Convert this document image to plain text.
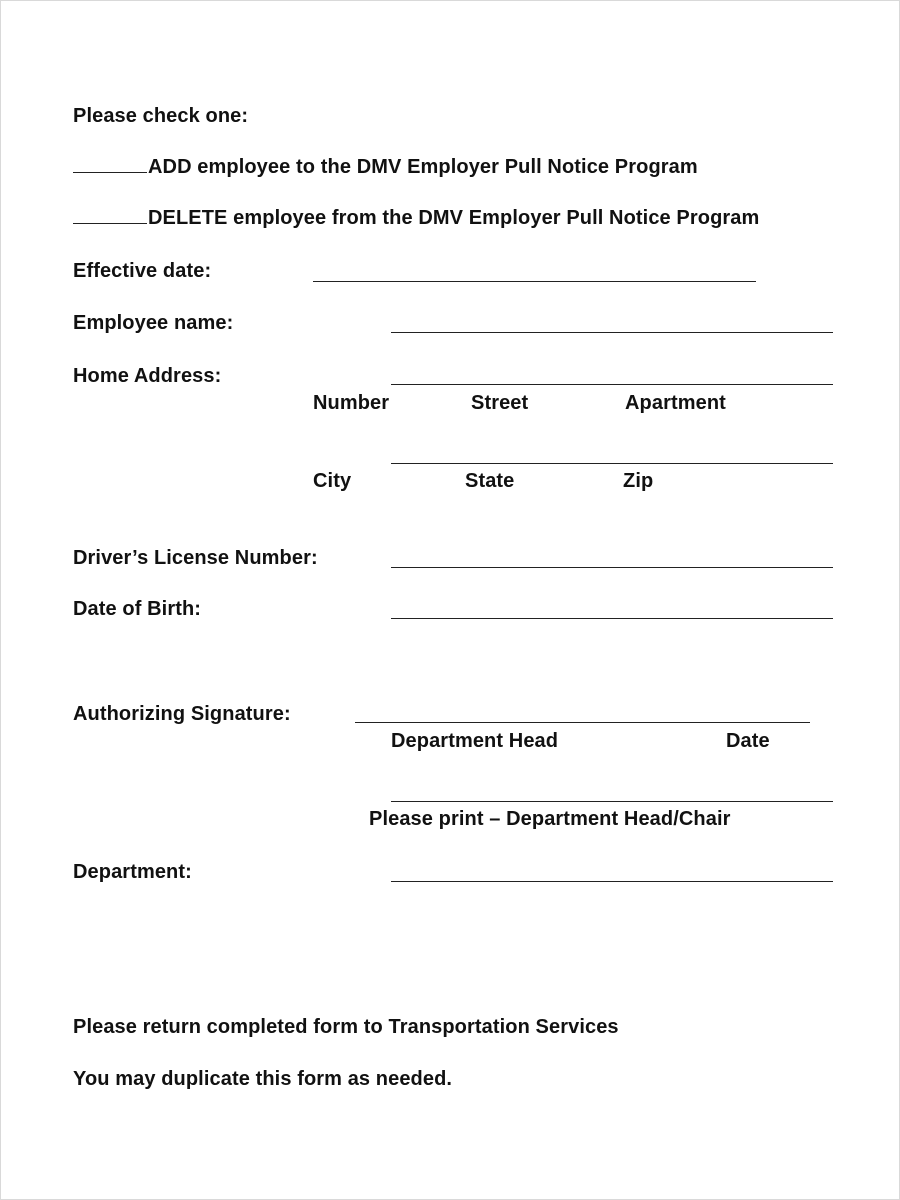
Please check one:
ADD employee to the DMV Employer Pull Notice Program
DELETE employee from the DMV Employer Pull Notice Program
Effective date:
Employee name:
Home Address:
Number	Street	Apartment
City	State	Zip
Driver’s License Number:
Date of Birth:
Authorizing Signature:
Department Head	Date
Please print – Department Head/Chair
Department:
Please return completed form to Transportation Services
You may duplicate this form as needed.
